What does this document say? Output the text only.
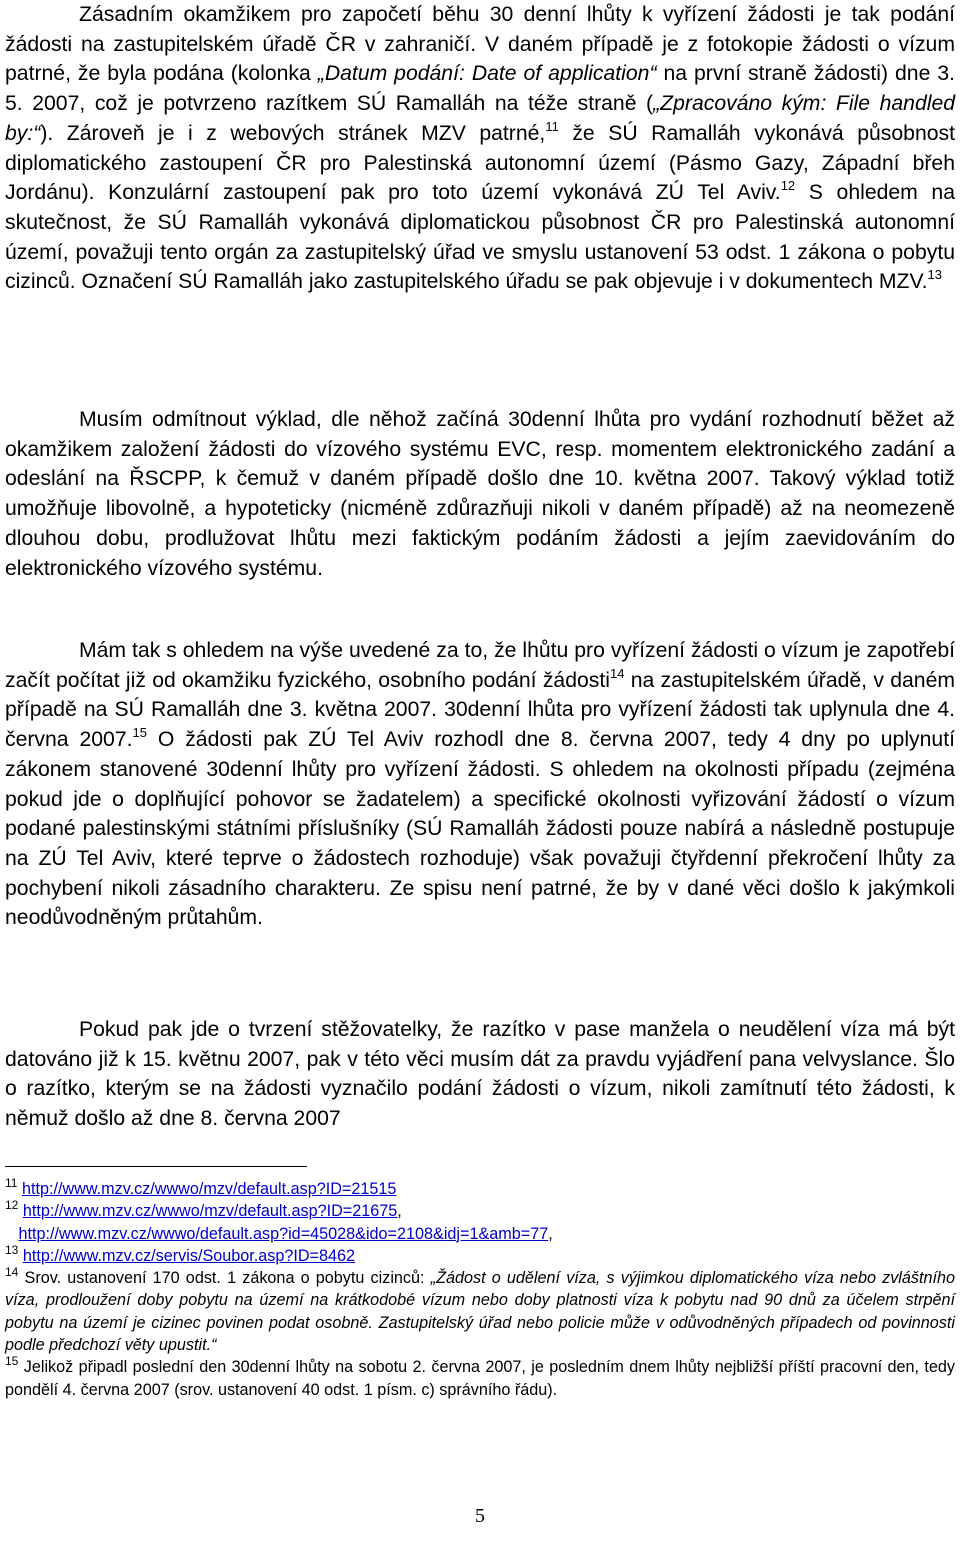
Zásadním okamžikem pro započetí běhu 30 denní lhůty k vyřízení žádosti je tak podání žádosti na zastupitelském úřadě ČR v zahraničí. V daném případě je z fotokopie žádosti o vízum patrné, že byla podána (kolonka „Datum podání: Date of application“ na první straně žádosti) dne 3. 5. 2007, což je potvrzeno razítkem SÚ Ramalláh na téže straně („Zpracováno kým: File handled by:“). Zároveň je i z webových stránek MZV patrné,$^{11}$ že SÚ Ramalláh vykonává působnost diplomatického zastoupení ČR pro Palestinská autonomní území (Pásmo Gazy, Západní břeh Jordánu). Konzulární zastoupení pak pro toto území vykonává ZÚ Tel Aviv.$^{12}$ S ohledem na skutečnost, že SÚ Ramalláh vykonává diplomatickou působnost ČR pro Palestinská autonomní území, považuji tento orgán za zastupitelský úřad ve smyslu ustanovení 53 odst. 1 zákona o pobytu cizinců. Označení SÚ Ramalláh jako zastupitelského úřadu se pak objevuje i v dokumentech MZV.$^{13}$

Musím odmítnout výklad, dle něhož začíná 30denní lhůta pro vydání rozhodnutí běžet až okamžikem založení žádosti do vízového systému EVC, resp. momentem elektronického zadání a odeslání na ŘSCPP, k čemuž v daném případě došlo dne 10. května 2007. Takový výklad totiž umožňuje libovolně, a hypoteticky (nicméně zdůrazňuji nikoli v daném případě) až na neomezeně dlouhou dobu, prodlužovat lhůtu mezi faktickým podáním žádosti a jejím zaevidováním do elektronického vízového systému.

Mám tak s ohledem na výše uvedené za to, že lhůtu pro vyřízení žádosti o vízum je zapotřebí začít počítat již od okamžiku fyzického, osobního podání žádosti$^{14}$ na zastupitelském úřadě, v daném případě na SÚ Ramalláh dne 3. května 2007. 30denní lhůta pro vyřízení žádosti tak uplynula dne 4. června 2007.15 O žádosti pak ZÚ Tel Aviv rozhodl dne 8. června 2007, tedy 4 dny po uplynutí zákonem stanovené 30denní lhůty pro vyřízení žádosti. S ohledem na okolnosti případu (zejména pokud jde o doplňující pohovor se žadatelem) a specifické okolnosti vyřizování žádostí o vízum podané palestinskými státními příslušníky (SÚ Ramalláh žádosti pouze nabírá a následně postupuje na ZÚ Tel Aviv, které teprve o žádostech rozhoduje) však považuji čtyřdenní překročení lhůty za pochybení nikoli zásadního charakteru. Ze spisu není patrné, že by v dané věci došlo k jakýmkoli neodůvodněným průtahům.

Pokud pak jde o tvrzení stěžovatelky, že razítko v pase manžela o neudělení víza má být datováno již k 15. květnu 2007, pak v této věci musím dát za pravdu vyjádření pana velvyslance. Šlo o razítko, kterým se na žádosti vyznačilo podání žádosti o vízum, nikoli zamítnutí této žádosti, k němuž došlo až dne 8. června 2007

$^{11}$ http://www.mzv.cz/wwwo/mzv/default.asp?ID=21515

$^{12}$ http://www.mzv.cz/wwwo/mzv/default.asp?ID=21675,
http://www.mzv.cz/wwwo/default.asp?id=45028&ido=2108&idj=1&amb=77,

$^{13}$ http://www.mzv.cz/servis/Soubor.asp?ID=8462

$^{14}$ Srov. ustanovení 170 odst. 1 zákona o pobytu cizinců: „Žádost o udělení víza, s výjimkou diplomatického víza nebo zvláštního víza, prodloužení doby pobytu na území na krátkodobé vízum nebo doby platnosti víza k pobytu nad 90 dnů za účelem strpění pobytu na území je cizinec povinen podat osobně. Zastupitelský úřad nebo policie může v odůvodněných případech od povinnosti podle předchozí věty upustit.“

$^{15}$ Jelikož připadl poslední den 30denní lhůty na sobotu 2. června 2007, je posledním dnem lhůty nejbližší příští pracovní den, tedy pondělí 4. června 2007 (srov. ustanovení 40 odst. 1 písm. c) správního řádu).

5
